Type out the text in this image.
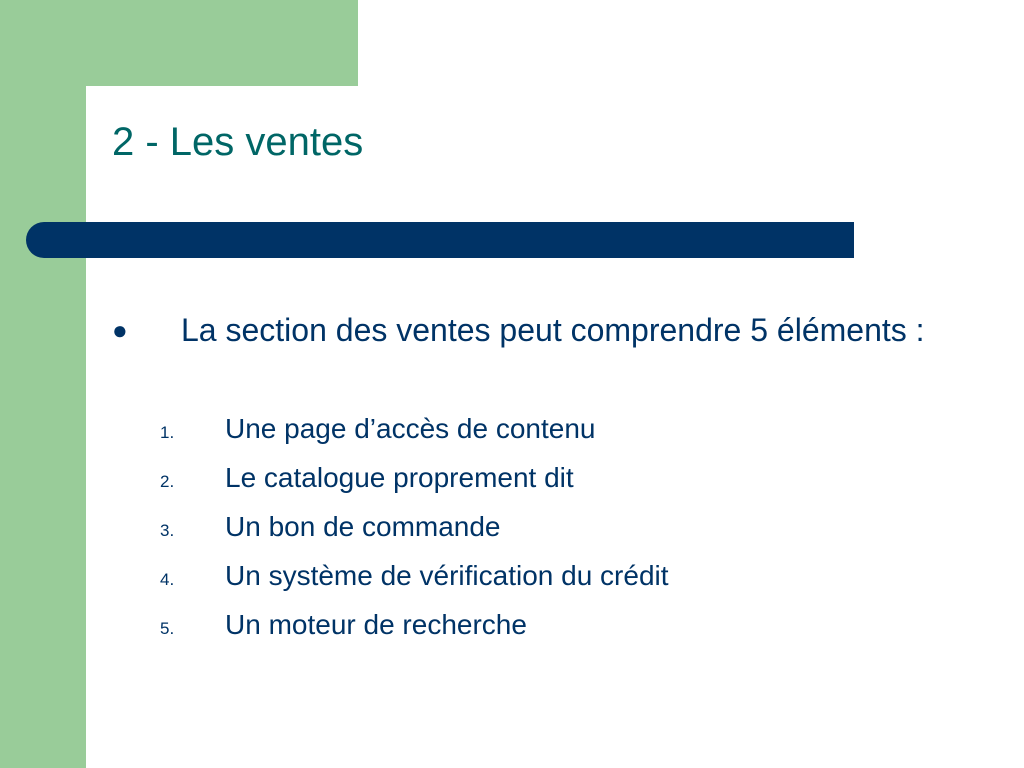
2 - Les ventes
● La section des ventes peut comprendre 5 éléments :
1. Une page d’accès de contenu
2. Le catalogue proprement dit
3. Un bon de commande
4. Un système de vérification du crédit
5. Un moteur de recherche
